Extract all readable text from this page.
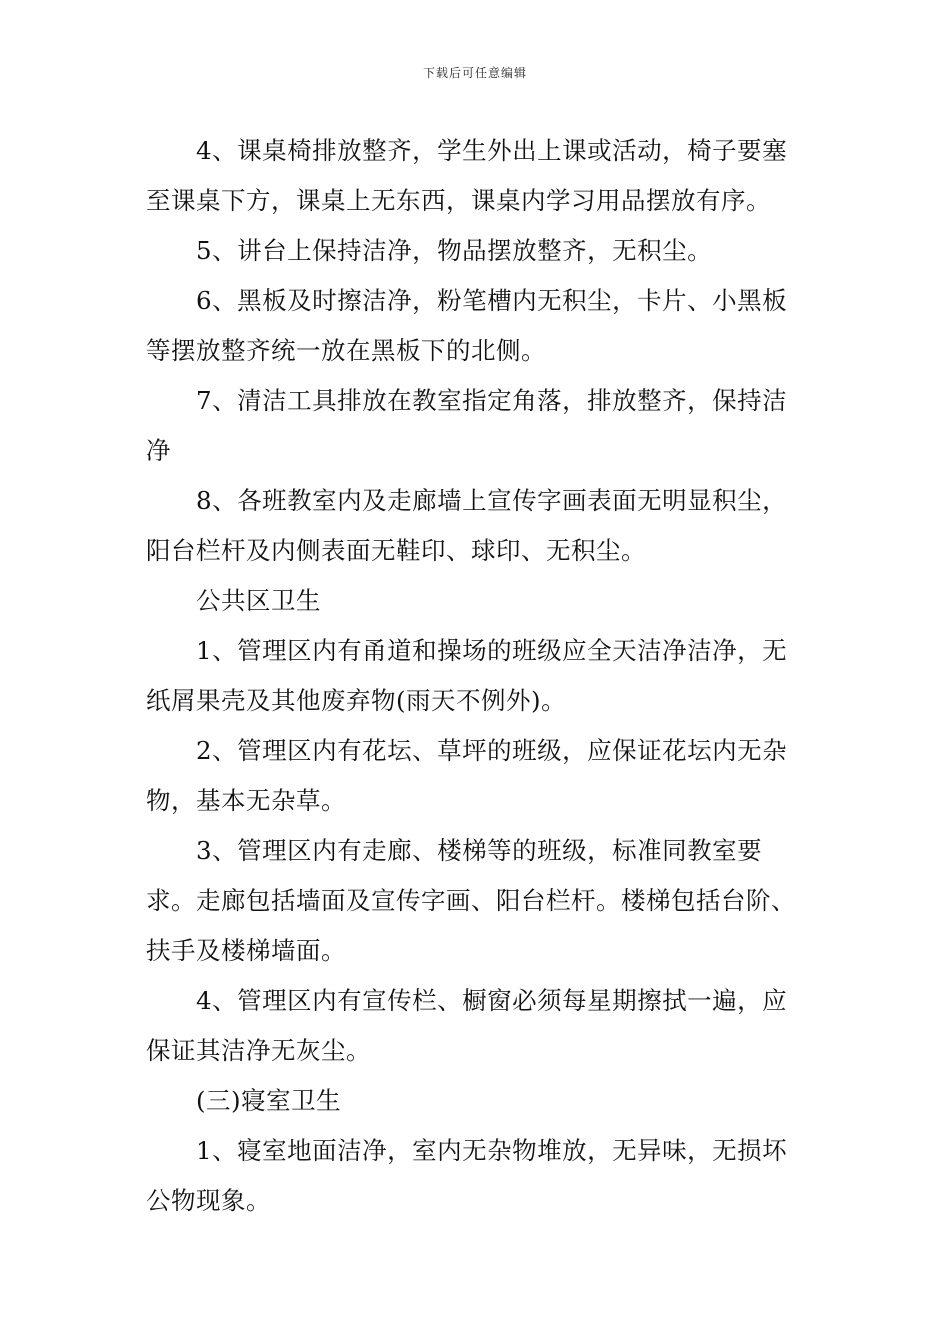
下载后可任意编辑

4、课桌椅排放整齐，学生外出上课或活动，椅子要塞至课桌下方，课桌上无东西，课桌内学习用品摆放有序。

5、讲台上保持洁净，物品摆放整齐，无积尘。

6、黑板及时擦洁净，粉笔槽内无积尘，卡片、小黑板等摆放整齐统一放在黑板下的北侧。

7、清洁工具排放在教室指定角落，排放整齐，保持洁净

8、各班教室内及走廊墙上宣传字画表面无明显积尘，阳台栏杆及内侧表面无鞋印、球印、无积尘。

公共区卫生

1、管理区内有甬道和操场的班级应全天洁净洁净，无纸屑果壳及其他废弃物(雨天不例外)。

2、管理区内有花坛、草坪的班级，应保证花坛内无杂物，基本无杂草。

3、管理区内有走廊、楼梯等的班级，标准同教室要求。走廊包括墙面及宣传字画、阳台栏杆。楼梯包括台阶、扶手及楼梯墙面。

4、管理区内有宣传栏、橱窗必须每星期擦拭一遍，应保证其洁净无灰尘。

(三)寝室卫生

1、寝室地面洁净，室内无杂物堆放，无异味，无损坏公物现象。
